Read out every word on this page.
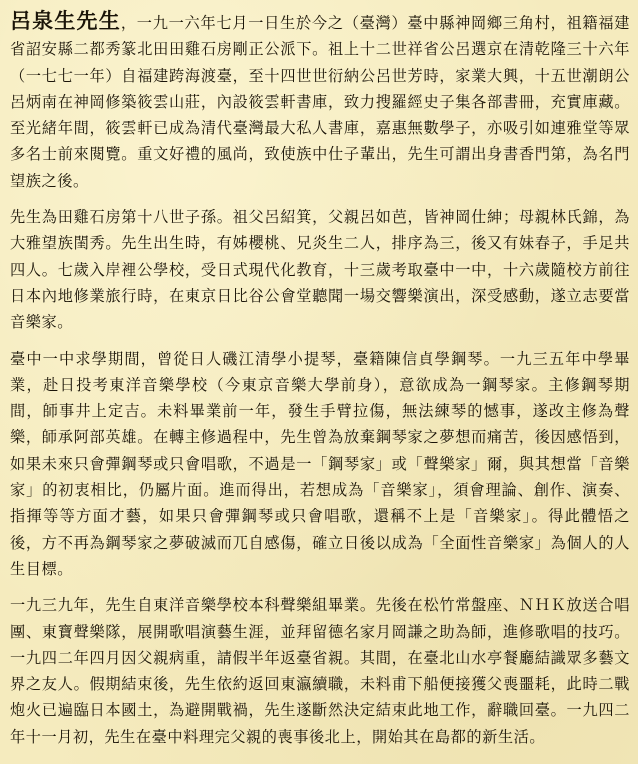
呂泉生先生，一九一六年七月一日生於今之（臺灣）臺中縣神岡鄉三角村，祖籍福建省詔安縣二都秀篆北田田雞石房剛正公派下。祖上十二世祥省公呂選京在清乾隆三十六年（一七七一年）自福建跨海渡臺，至十四世世衍納公呂世芳時，家業大興，十五世潮朗公呂炳南在神岡修築筱雲山莊，內設筱雲軒書庫，致力搜羅經史子集各部書冊，充實庫藏。至光緒年間，筱雲軒已成為清代臺灣最大私人書庫，嘉惠無數學子，亦吸引如連雅堂等眾多名士前來閱覽。重文好禮的風尚，致使族中仕子輩出，先生可謂出身書香門第，為名門望族之後。

先生為田雞石房第十八世子孫。祖父呂紹箕，父親呂如芭，皆神岡仕紳；母親林氏錦，為大雅望族閨秀。先生出生時，有姊櫻桃、兄炎生二人，排序為三，後又有妹春子，手足共四人。七歲入岸裡公學校，受日式現代化教育，十三歲考取臺中一中，十六歲隨校方前往日本內地修業旅行時，在東京日比谷公會堂聽聞一場交響樂演出，深受感動，遂立志要當音樂家。

臺中一中求學期間，曾從日人磯江清學小提琴，臺籍陳信貞學鋼琴。一九三五年中學畢業，赴日投考東洋音樂學校（今東京音樂大學前身），意欲成為一鋼琴家。主修鋼琴期間，師事井上定吉。未料畢業前一年，發生手臂拉傷，無法練琴的憾事，遂改主修為聲樂，師承阿部英雄。在轉主修過程中，先生曾為放棄鋼琴家之夢想而痛苦，後因感悟到，如果未來只會彈鋼琴或只會唱歌，不過是一「鋼琴家」或「聲樂家」爾，與其想當「音樂家」的初衷相比，仍屬片面。進而得出，若想成為「音樂家」，須會理論、創作、演奏、指揮等等方面才藝，如果只會彈鋼琴或只會唱歌，還稱不上是「音樂家」。得此體悟之後，方不再為鋼琴家之夢破滅而兀自感傷，確立日後以成為「全面性音樂家」為個人的人生目標。

一九三九年，先生自東洋音樂學校本科聲樂組畢業。先後在松竹常盤座、ＮＨＫ放送合唱團、東寶聲樂隊，展開歌唱演藝生涯，並拜留德名家月岡謙之助為師，進修歌唱的技巧。一九四二年四月因父親病重，請假半年返臺省親。其間，在臺北山水亭餐廳結識眾多藝文界之友人。假期結束後，先生依約返回東瀛續職，未料甫下船便接獲父喪噩耗，此時二戰炮火已遍臨日本國土，為避開戰禍，先生遂斷然決定結束此地工作，辭職回臺。一九四二年十一月初，先生在臺中料理完父親的喪事後北上，開始其在島都的新生活。
